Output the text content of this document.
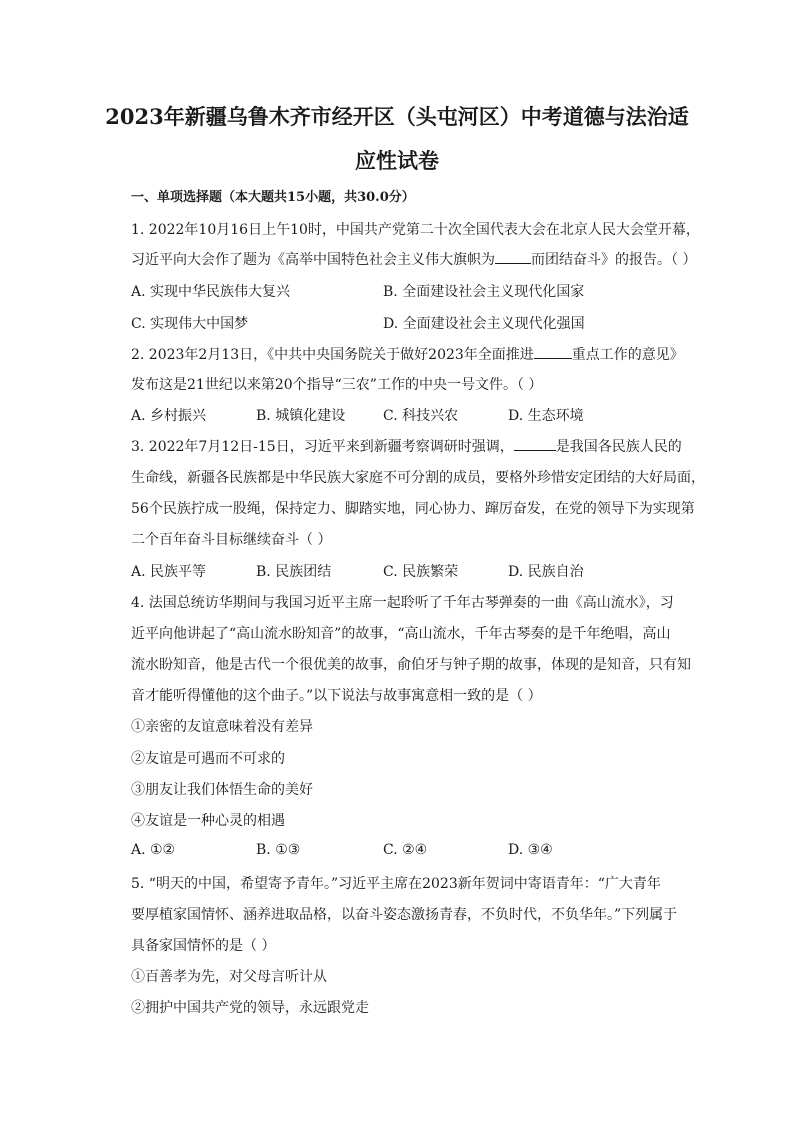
2023年新疆乌鲁木齐市经开区（头屯河区）中考道德与法治适
应性试卷
一、单项选择题（本大题共15小题，共30.0分）
1. 2022年10月16日上午10时，中国共产党第二十次全国代表大会在北京人民大会堂开幕，
习近平向大会作了题为《高举中国特色社会主义伟大旗帜为	而团结奋斗》的报告。（ ）
A. 实现中华民族伟大复兴	B. 全面建设社会主义现代化国家
C. 实现伟大中国梦	D. 全面建设社会主义现代化强国
2. 2023年2月13日，《中共中央国务院关于做好2023年全面推进	重点工作的意见》
发布这是21世纪以来第20个指导“三农”工作的中央一号文件。（ ）
A. 乡村振兴	B. 城镇化建设	C. 科技兴农	D. 生态环境
3. 2022年7月12日-15日，习近平来到新疆考察调研时强调，	是我国各民族人民的
生命线，新疆各民族都是中华民族大家庭不可分割的成员，要格外珍惜安定团结的大好局面，
56个民族拧成一股绳，保持定力、脚踏实地，同心协力、蹿厉奋发，在党的领导下为实现第
二个百年奋斗目标继续奋斗（ ）
A. 民族平等	B. 民族团结	C. 民族繁荣	D. 民族自治
4. 法国总统访华期间与我国习近平主席一起聆听了千年古琴弹奏的一曲《高山流水》，习
近平向他讲起了“高山流水盼知音”的故事，“高山流水，千年古琴奏的是千年绝唱，高山
流水盼知音，他是古代一个很优美的故事，俞伯牙与钟子期的故事，体现的是知音，只有知
音才能听得懂他的这个曲子。”以下说法与故事寓意相一致的是（ ）
①亲密的友谊意味着没有差异
②友谊是可遇而不可求的
③朋友让我们体悟生命的美好
④友谊是一种心灵的相遇
A. ①②	B. ①③	C. ②④	D. ③④
5. “明天的中国，希望寄予青年。”习近平主席在2023新年贺词中寄语青年：“广大青年
要厚植家国情怀、涵养进取品格，以奋斗姿态激扬青春，不负时代，不负华年。”下列属于
具备家国情怀的是（ ）
①百善孝为先，对父母言听计从
②拥护中国共产党的领导，永远跟党走
